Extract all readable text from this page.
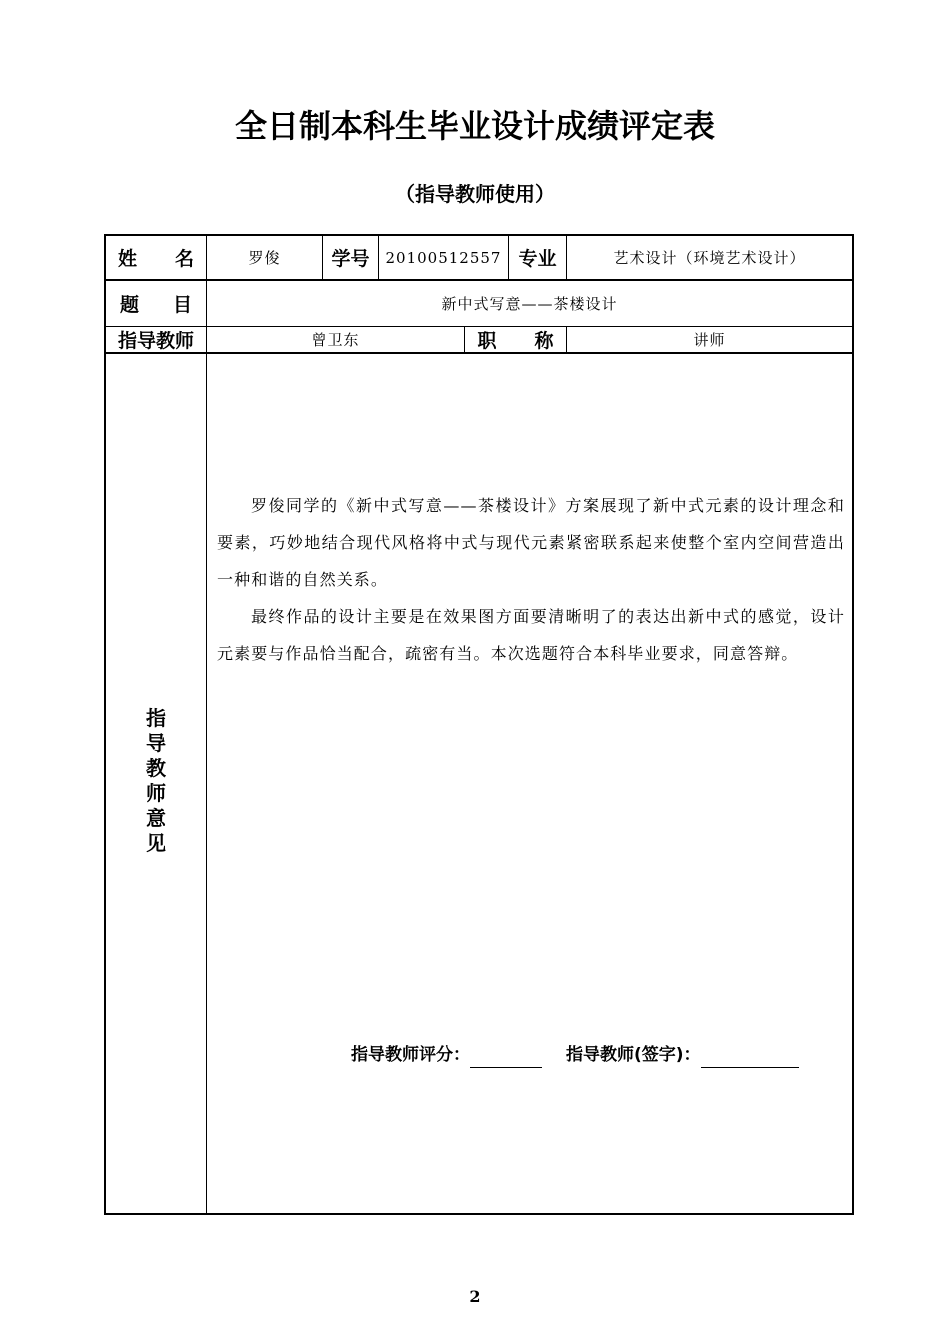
全日制本科生毕业设计成绩评定表
（指导教师使用）
姓 名	罗俊	学号	20100512557 专业	艺术设计（环境艺术设计）
题 目	新中式写意——茶楼设计
指导教师	曾卫东	职 称	讲师
指
导
教
师
意
见

罗俊同学的《新中式写意——茶楼设计》方案展现了新中式元素的设计理念和要素，巧妙地结合现代风格将中式与现代元素紧密联系起来使整个室内空间营造出一种和谐的自然关系。

最终作品的设计主要是在效果图方面要清晰明了的表达出新中式的感觉，设计元素要与作品恰当配合，疏密有当。本次选题符合本科毕业要求，同意答辩。

指导教师评分：	指导教师(签字)：
2
